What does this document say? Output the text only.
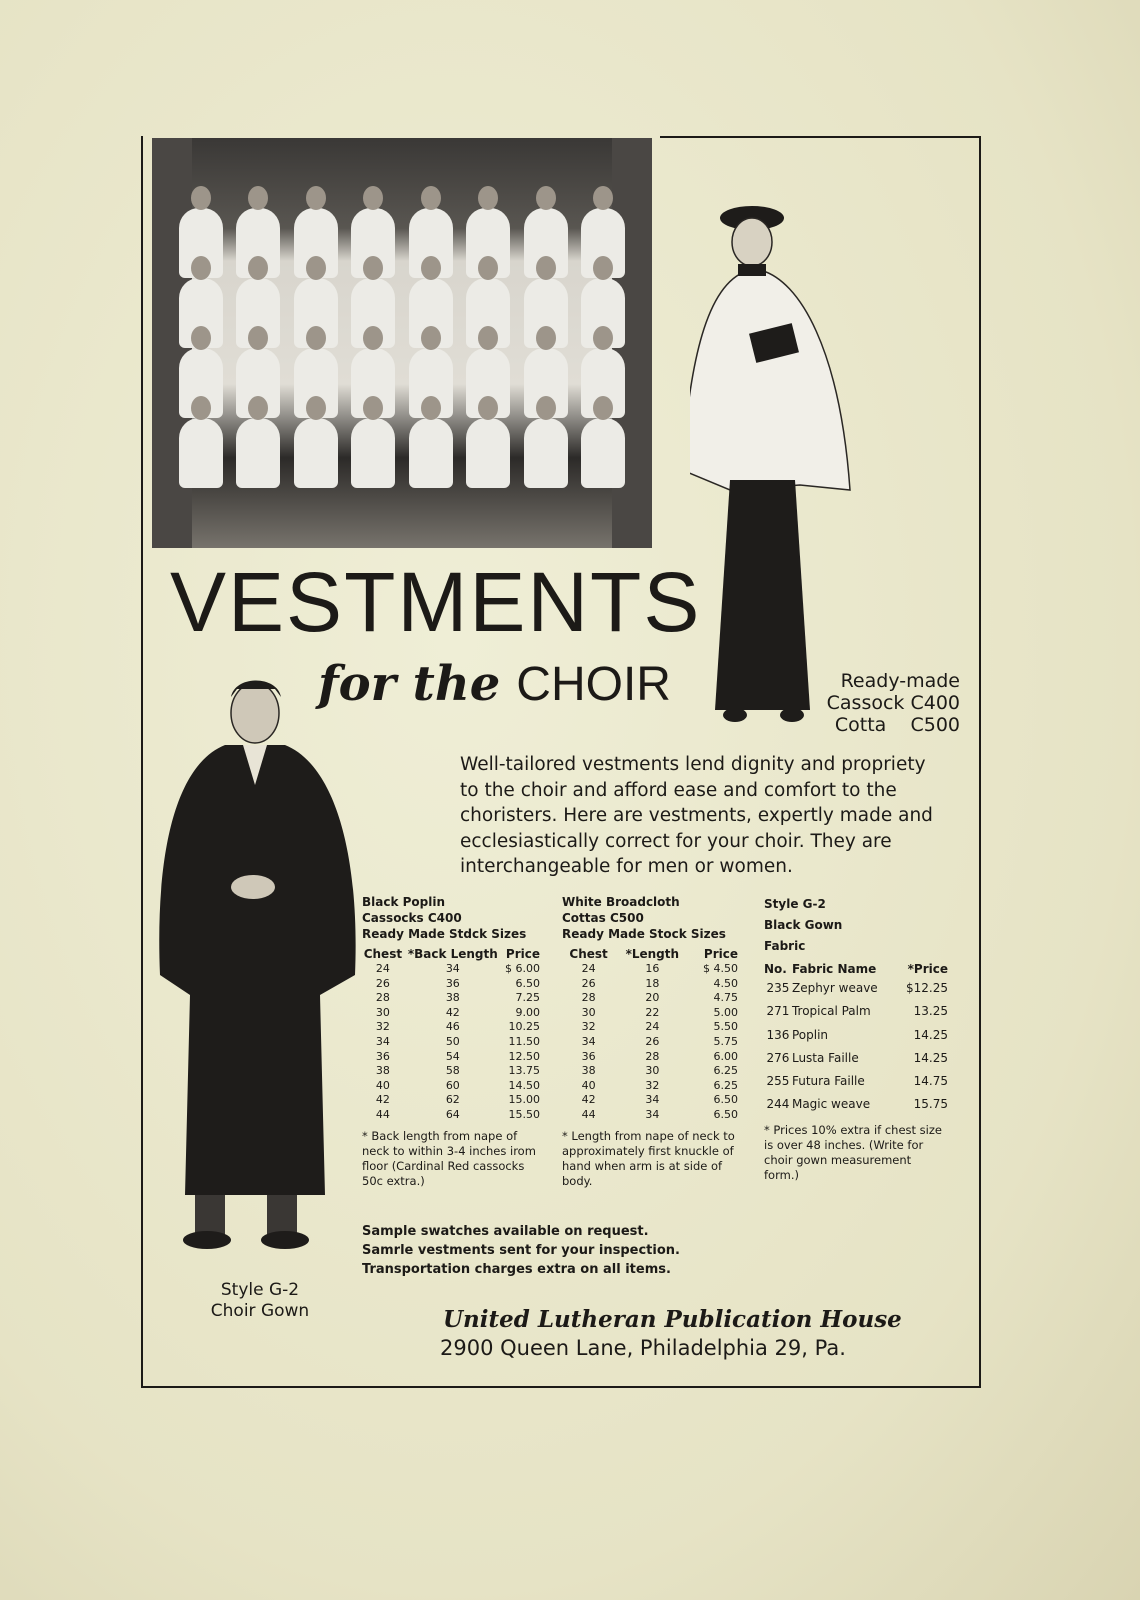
VESTMENTS
for the CHOIR	Ready-made
Cassock C400
Cotta    C500

Well-tailored vestments lend dignity and propriety to the choir and afford ease and comfort to the choristers. Here are vestments, expertly made and ecclesiastically correct for your choir. They are interchangeable for men or women.

Black Poplin
Cassocks C400
Ready Made Stdck Sizes
Chest	*Back Length	Price
24	34	$ 6.00
26	36	6.50
28	38	7.25
30	42	9.00
32	46	10.25
34	50	11.50
36	54	12.50
38	58	13.75
40	60	14.50
42	62	15.00
44	64	15.50

* Back length from nape of neck to within 3-4 inches irom floor (Cardinal Red cassocks 50c extra.)

White Broadcloth
Cottas C500
Ready Made Stock Sizes
Chest	*Length	Price
24	16	$ 4.50
26	18	4.50
28	20	4.75
30	22	5.00
32	24	5.50
34	26	5.75
36	28	6.00
38	30	6.25
40	32	6.25
42	34	6.50
44	34	6.50

* Length from nape of neck to approximately first knuckle of hand when arm is at side of body.

Style G-2
Black Gown
Fabric
No.	Fabric Name	*Price
235	Zephyr weave	$12.25
271	Tropical Palm	13.25
136	Poplin	14.25
276	Lusta Faille	14.25
255	Futura Faille	14.75
244	Magic weave	15.75

* Prices 10% extra if chest size is over 48 inches. (Write for choir gown measurement form.)

Sample swatches available on request.
Samrle vestments sent for your inspection.
Transportation charges extra on all items.
Style G-2
Choir Gown	United Lutheran Publication House

2900 Queen Lane, Philadelphia 29, Pa.
